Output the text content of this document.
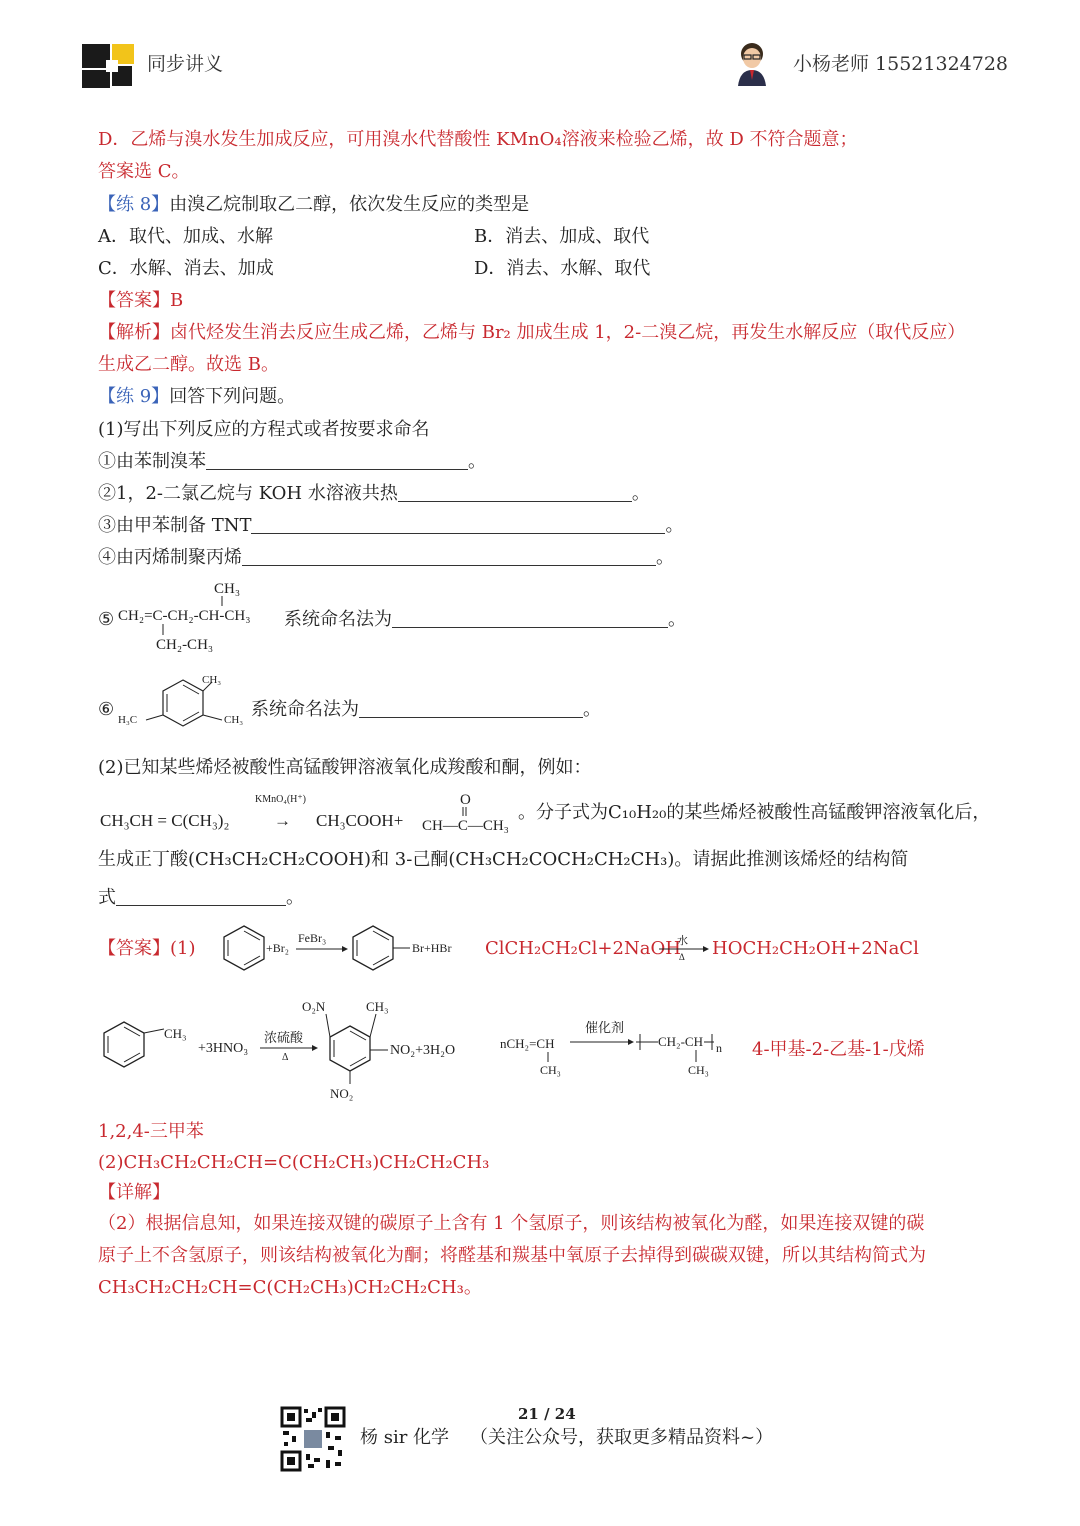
同步讲义	小杨老师 15521324728
D．乙烯与溴水发生加成反应，可用溴水代替酸性 KMnO₄溶液来检验乙烯，故 D 不符合题意；
答案选 C。
【练 8】由溴乙烷制取乙二醇，依次发生反应的类型是
A．取代、加成、水解	B．消去、加成、取代
C．水解、消去、加成	D．消去、水解、取代
【答案】B
【解析】卤代烃发生消去反应生成乙烯，乙烯与 Br₂ 加成生成 1，2-二溴乙烷，再发生水解反应（取代反应）
生成乙二醇。故选 B。
【练 9】回答下列问题。
(1)写出下列反应的方程式或者按要求命名
①由苯制溴苯	。
②1，2-二氯乙烷与 KOH 水溶液共热	。
③由甲苯制备 TNT	。
④由丙烯制聚丙烯	。
⑤
CH₃
CH₂=C-CH₂-CH-CH₃
CH₂-CH₃
系统命名法为	。
⑥
CH₃
H₃C	CH₃ 系统命名法为	。
(2)已知某些烯烃被酸性高锰酸钾溶液氧化成羧酸和酮，例如：
CH₃CH = C(CH₃)₂
KMnO₄(H⁺)
→ CH₃COOH+
O
CH—C—CH₃
。分子式为C₁₀H₂₀的某些烯烃被酸性高锰酸钾溶液氧化后，
生成正丁酸(CH₃CH₂CH₂COOH)和 3-己酮(CH₃CH₂COCH₂CH₂CH₃)。请据此推测该烯烃的结构简
式	。
【答案】(1)	+Br₂
FeBr₃
Br+HBr ClCH₂CH₂Cl+2NaOH
水
Δ HOCH₂CH₂OH+2NaCl
CH₃
+3HNO₃
浓硫酸
Δ
O₂N	CH₃
NO₂+3H₂O
NO₂
nCH₂=CH
CH₃
催化剂
CH₂-CH n
CH₃
4-甲基-2-乙基-1-戊烯
1,2,4-三甲苯
(2)CH₃CH₂CH₂CH=C(CH₂CH₃)CH₂CH₂CH₃
【详解】
（2）根据信息知，如果连接双键的碳原子上含有 1 个氢原子，则该结构被氧化为醛，如果连接双键的碳
原子上不含氢原子，则该结构被氧化为酮；将醛基和羰基中氧原子去掉得到碳碳双键，所以其结构简式为
CH₃CH₂CH₂CH=C(CH₂CH₃)CH₂CH₂CH₃。
21 / 24
杨 sir 化学 （关注公众号，获取更多精品资料~）
